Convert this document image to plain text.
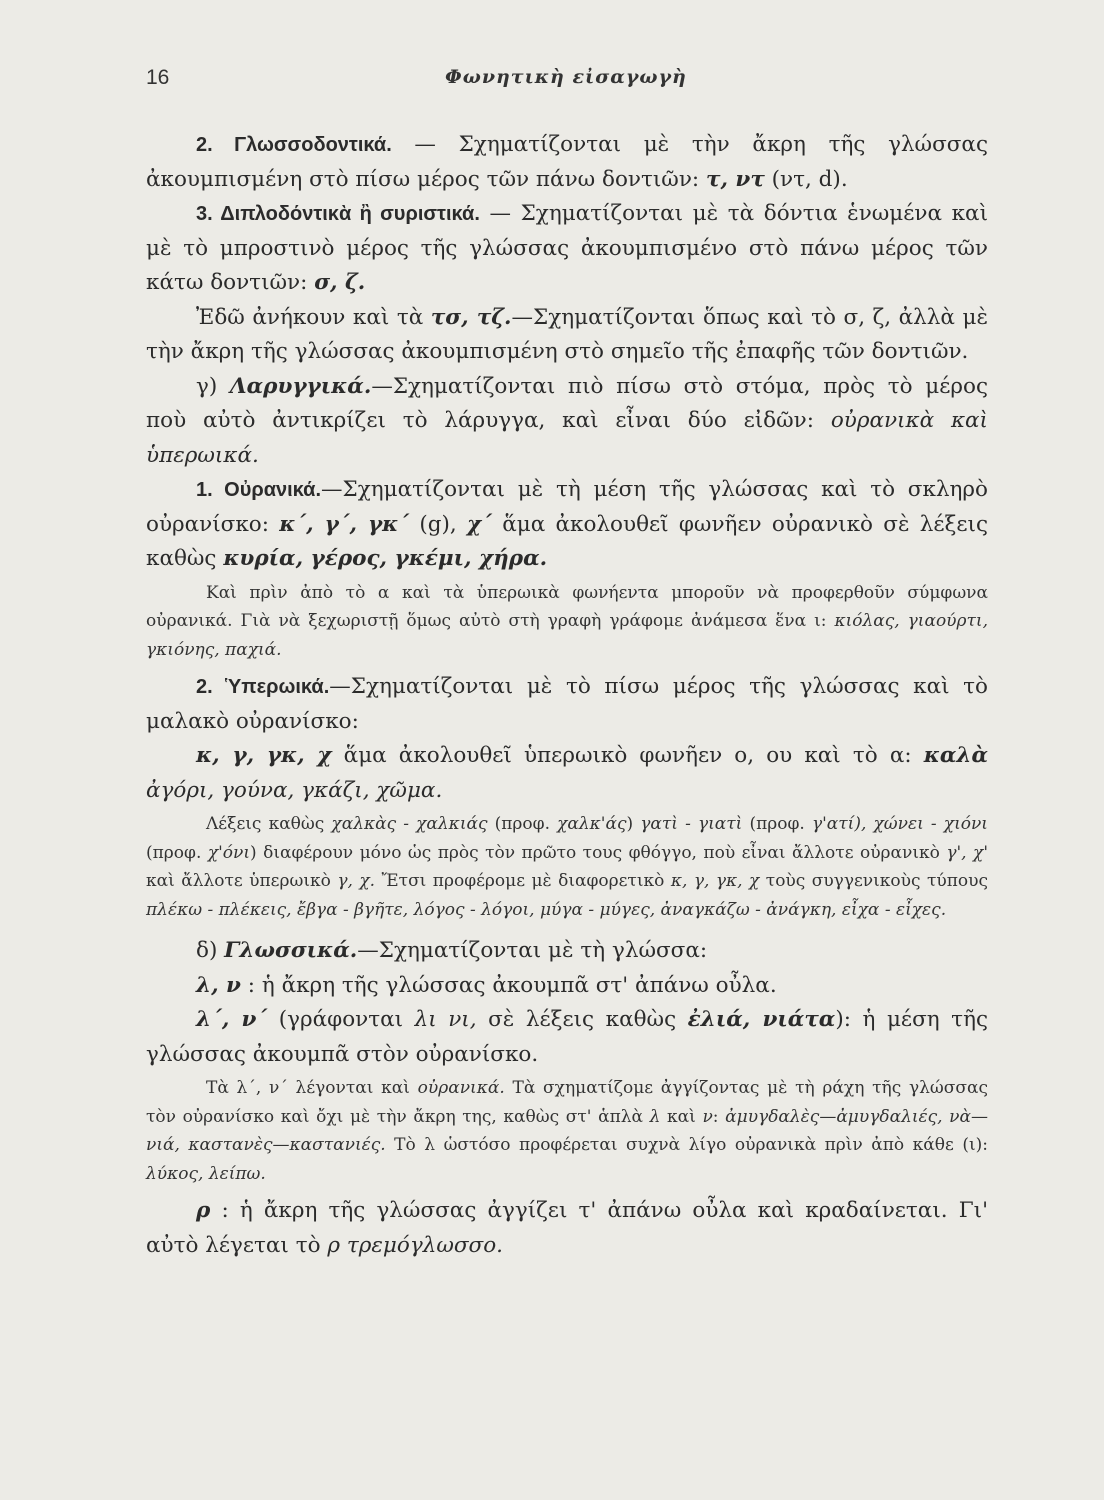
16	Φωνητικὴ εἰσαγωγὴ

2. Γλωσσοδοντικά. — Σχηματίζονται μὲ τὴν ἄκρη τῆς γλώσσας ἀκουμπισμένη στὸ πίσω μέρος τῶν πάνω δοντιῶν: τ, ντ (ντ, d).

3. Διπλοδόντικὰ ἢ συριστικά. — Σχηματίζονται μὲ τὰ δόντια ἑνωμένα καὶ μὲ τὸ μπροστινὸ μέρος τῆς γλώσσας ἀκουμπισμένο στὸ πάνω μέρος τῶν κάτω δοντιῶν: σ, ζ.

Ἐδῶ ἀνήκουν καὶ τὰ τσ, τζ.—Σχηματίζονται ὅπως καὶ τὸ σ, ζ, ἀλλὰ μὲ τὴν ἄκρη τῆς γλώσσας ἀκουμπισμένη στὸ σημεῖο τῆς ἐπαφῆς τῶν δοντιῶν.

γ) Λαρυγγικά.—Σχηματίζονται πιὸ πίσω στὸ στόμα, πρὸς τὸ μέρος ποὺ αὐτὸ ἀντικρίζει τὸ λάρυγγα, καὶ εἶναι δύο εἰδῶν: οὐρανικὰ καὶ ὑπερωικά.

1. Οὐρανικά.—Σχηματίζονται μὲ τὴ μέση τῆς γλώσσας καὶ τὸ σκληρὸ οὐρανίσκο: κ΄, γ΄, γκ΄ (g), χ΄ ἅμα ἀκολουθεῖ φωνῆεν οὐρανικὸ σὲ λέξεις καθὼς κυρία, γέρος, γκέμι, χήρα.

Καὶ πρὶν ἀπὸ τὸ α καὶ τὰ ὑπερωικὰ φωνήεντα μποροῦν νὰ προφερθοῦν σύμφωνα οὐρανικά. Γιὰ νὰ ξεχωριστῇ ὅμως αὐτὸ στὴ γραφὴ γράφομε ἀνάμεσα ἕνα ι: κιόλας, γιαούρτι, γκιόνης, παχιά.

2. Ὑπερωικά.—Σχηματίζονται μὲ τὸ πίσω μέρος τῆς γλώσσας καὶ τὸ μαλακὸ οὐρανίσκο:

κ, γ, γκ, χ ἅμα ἀκολουθεῖ ὑπερωικὸ φωνῆεν ο, ου καὶ τὸ α: καλὰ ἀγόρι, γούνα, γκάζι, χῶμα.

Λέξεις καθὼς χαλκὰς - χαλκιάς (προφ. χαλκ'άς) γατὶ - γιατὶ (προφ. γ'ατί), χώνει - χιόνι (προφ. χ'όνι) διαφέρουν μόνο ὡς πρὸς τὸν πρῶτο τους φθόγγο, ποὺ εἶναι ἄλλοτε οὐρανικὸ γ', χ' καὶ ἄλλοτε ὑπερωικὸ γ, χ. Ἔτσι προφέρομε μὲ διαφορετικὸ κ, γ, γκ, χ τοὺς συγγενικοὺς τύπους πλέκω - πλέκεις, ἔβγα - βγῆτε, λόγος - λόγοι, μύγα - μύγες, ἀναγκάζω - ἀνάγκη, εἶχα - εἶχες.

δ) Γλωσσικά.—Σχηματίζονται μὲ τὴ γλώσσα:

λ, ν : ἡ ἄκρη τῆς γλώσσας ἀκουμπᾶ στ' ἀπάνω οὖλα.

λ΄, ν΄ (γράφονται λι νι, σὲ λέξεις καθὼς ἐλιά, νιάτα): ἡ μέση τῆς γλώσσας ἀκουμπᾶ στὸν οὐρανίσκο.

Τὰ λ΄, ν΄ λέγονται καὶ οὐρανικά. Τὰ σχηματίζομε ἀγγίζοντας μὲ τὴ ράχη τῆς γλώσσας τὸν οὐρανίσκο καὶ ὄχι μὲ τὴν ἄκρη της, καθὼς στ' ἁπλὰ λ καὶ ν: ἀμυγδαλὲς—ἀμυγδαλιές, νὰ—νιά, καστανὲς—καστανιές. Τὸ λ ὡστόσο προφέρεται συχνὰ λίγο οὐρανικὰ πρὶν ἀπὸ κάθε (ι): λύκος, λείπω.

ρ : ἡ ἄκρη τῆς γλώσσας ἀγγίζει τ' ἀπάνω οὖλα καὶ κραδαίνεται. Γι' αὐτὸ λέγεται τὸ ρ τρεμόγλωσσο.
